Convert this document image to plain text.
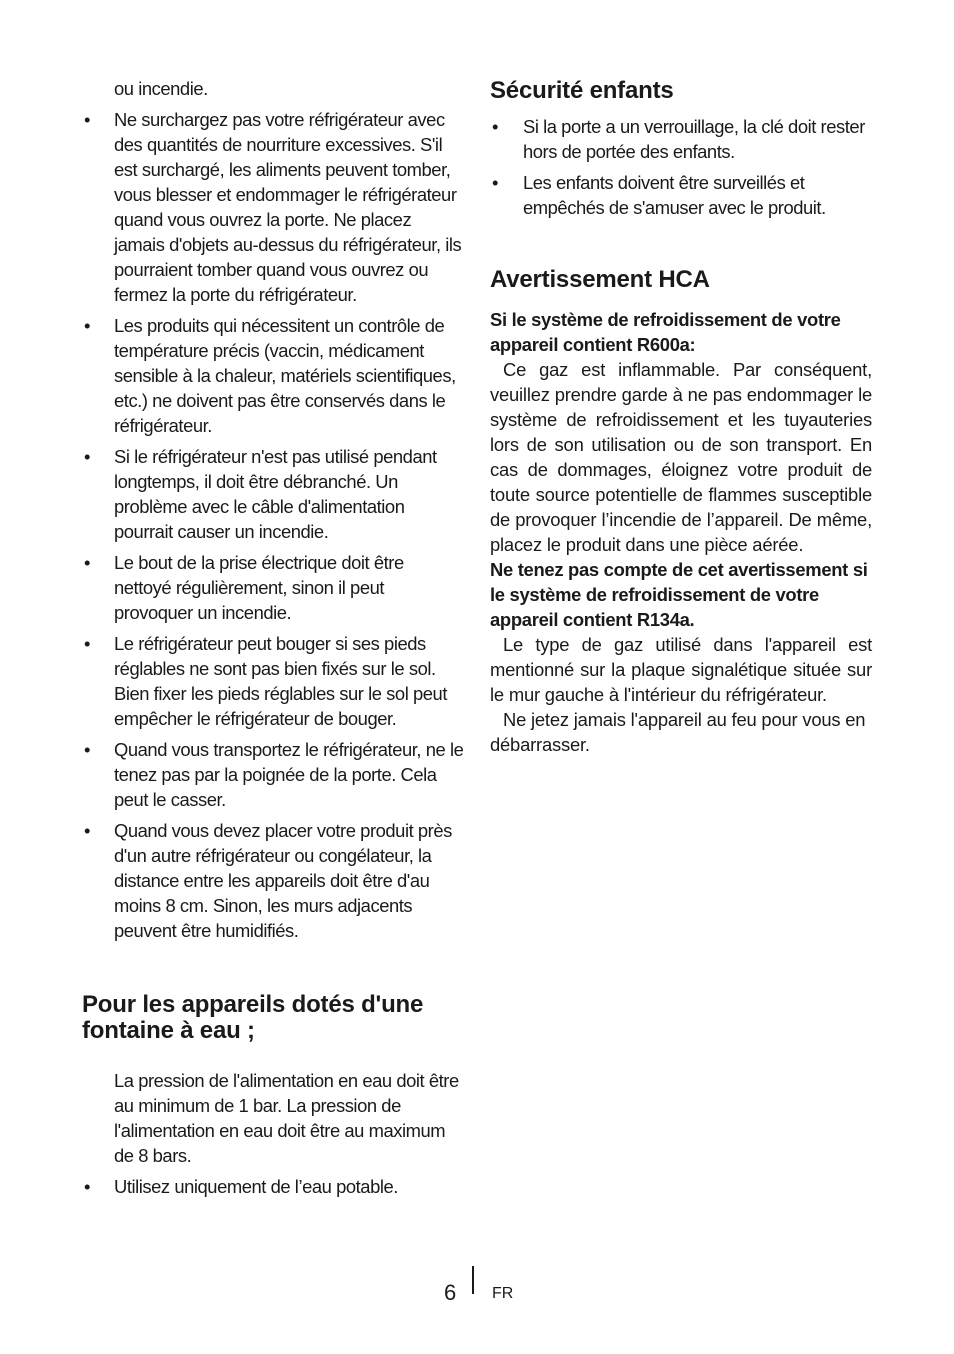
ou incendie.

• Ne surchargez pas votre réfrigérateur avec des quantités de nourriture excessives. S'il est surchargé, les aliments peuvent tomber, vous blesser et endommager le réfrigérateur quand vous ouvrez la porte. Ne placez jamais d'objets au-dessus du réfrigérateur, ils pourraient tomber quand vous ouvrez ou fermez la porte du réfrigérateur.
• Les produits qui nécessitent un contrôle de température précis (vaccin, médicament sensible à la chaleur, matériels scientifiques, etc.) ne doivent pas être conservés dans le réfrigérateur.
• Si le réfrigérateur n'est pas utilisé pendant longtemps, il doit être débranché. Un problème avec le câble d'alimentation pourrait causer un incendie.
• Le bout de la prise électrique doit être nettoyé régulièrement, sinon il peut provoquer un incendie.
• Le réfrigérateur peut bouger si ses pieds réglables ne sont pas bien fixés sur le sol. Bien fixer les pieds réglables sur le sol peut empêcher le réfrigérateur de bouger.
• Quand vous transportez le réfrigérateur, ne le tenez pas par la poignée de la porte. Cela peut le casser.
• Quand vous devez placer votre produit près d'un autre réfrigérateur ou congélateur, la distance entre les appareils doit être d'au moins 8 cm. Sinon, les murs adjacents peuvent être humidifiés.
Pour les appareils dotés d'une fontaine à eau ;

La pression de l'alimentation en eau doit être au minimum de 1 bar. La pression de l'alimentation en eau doit être au maximum de 8 bars.

• Utilisez uniquement de l’eau potable.
Sécurité enfants
• Si la porte a un verrouillage, la clé doit rester hors de portée des enfants.
• Les enfants doivent être surveillés et empêchés de s'amuser avec le produit.
Avertissement HCA

Si le système de refroidissement de votre appareil contient R600a:

Ce gaz est inflammable. Par conséquent, veuillez prendre garde à ne pas endommager le système de refroidissement et les tuyauteries lors de son utilisation ou de son transport. En cas de dommages, éloignez votre produit de toute source potentielle de flammes susceptible de provoquer l’incendie de l’appareil. De même, placez le produit dans une pièce aérée.

Ne tenez pas compte de cet avertissement si le système de refroidissement de votre appareil contient R134a.

Le type de gaz utilisé dans l'appareil est mentionné sur la plaque signalétique située sur le mur gauche à l'intérieur du réfrigérateur.

Ne jetez jamais l'appareil au feu pour vous en débarrasser.

6 FR
